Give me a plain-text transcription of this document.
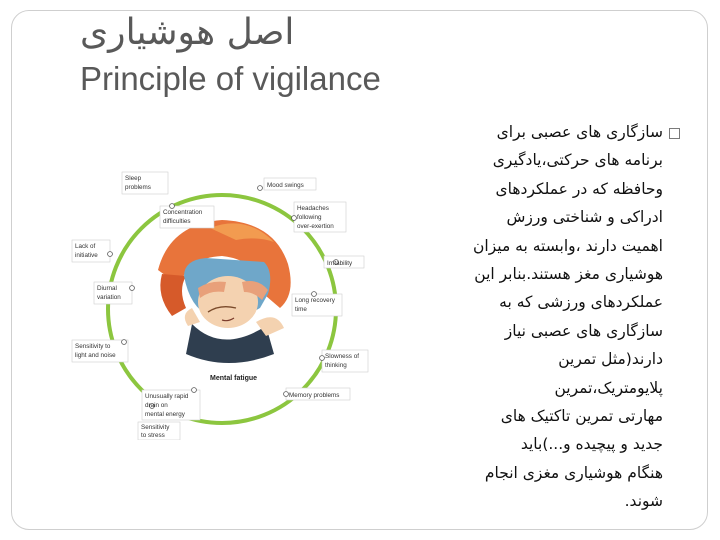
اصل هوشیاری
Principle of vigilance
سازگاری های عصبی برای
برنامه های حرکتی،یادگیری
وحافظه که در عملکردهای
ادراکی و شناختی ورزش
اهمیت دارند ،وابسته به میزان
هوشیاری مغز هستند.بنابر این
عملکردهای ورزشی که به
سازگاری های عصبی نیاز
دارند(مثل تمرین
پلایومتریک،تمرین
مهارتی تمرین تاکتیک های
جدید و پیچیده و...)باید
هنگام هوشیاری مغزی انجام
شوند.
Mental fatigue
Sleep problems	Mood swings
Concentration difficulties
Headaches following over-exertion
Lack of initiative
Irritability
Diurnal variation	Long recovery time
Sensitivity to light and noise	Slowness of thinking
Unusually rapid drain on mental energy
Memory problems
Sensitivity to stress
